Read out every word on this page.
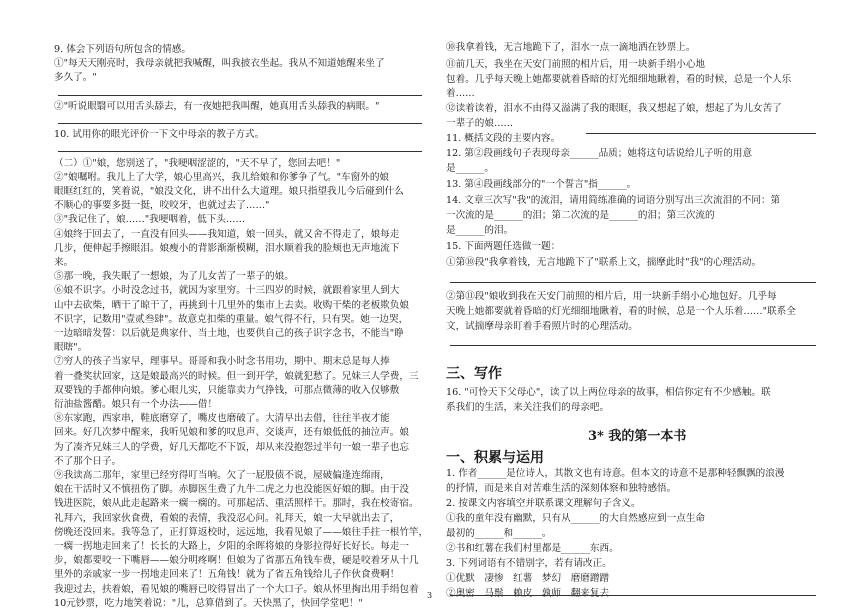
9. 体会下列语句所包含的情感。
①"每天天刚亮时，我母亲就把我喊醒，叫我披衣坐起。我从不知道她醒来坐了
多久了。"
②"听说眼翳可以用舌头舔去，有一夜她把我叫醒，她真用舌头舔我的病眼。"
10. 试用你的眼光评价一下文中母亲的教子方式。
（二）①"娘，您别送了，"我哽咽涩涩的，"天不早了，您回去吧！"
②"娘嘱咐。我儿上了大学，娘心里高兴，我儿给娘和你爹争了气。"车窗外的娘
眼眶红红的，笑着说，"娘没文化，讲不出什么大道理。娘只指望我儿今后碰到什么
不顺心的事要多挺一挺，咬咬牙，也就过去了……"
③"我记住了，娘……"我哽咽着，低下头……
④娘终于回去了，一直没有回头——我知道，娘一回头，就又舍不得走了，娘每走
几步，便伸起手擦眼泪。娘瘦小的背影渐渐模糊，泪水顺着我的脸颊也无声地流下
来。
⑤那一晚，我失眠了一想娘，为了儿女苦了一辈子的娘。
⑥娘不识字。小时没念过书，就因为家里穷。十三四岁的时候，就跟着家里人到大
山中去砍柴，晒干了晾干了，再挑到十几里外的集市上去卖。收购干柴的老板欺负娘
不识字，记数用"壹贰叁肆"。故意克扣柴的重量。娘气得不行，只有哭。她一边哭，
一边暗暗发誓：以后就是典家什、当土地，也要供自己的孩子识字念书，不能当"睁
眼瞎"。
⑦穷人的孩子当家早，理事早。哥哥和我小时念书用功，期中、期末总是每人捧
着一叠奖状回家，这是娘最高兴的时候。但一到开学，娘就犯愁了。兄妹三人学费，三
双要钱的手都伸向娘。爹心眼儿实，只能靠卖力气挣钱，可那点微薄的收入仅够敷
衍油盐酱醋。娘只有一个办法——借！
⑧东家跑，西家串，鞋底磨穿了，嘴皮也磨破了。大清早出去借，往往半夜才能
回来。好几次梦中醒来，我听见娘和爹的叹息声、交谈声，还有娘低低的抽泣声。娘
为了凑齐兄妹三人的学费，好几天都吃不下饭，却从来没抱怨过半句一娘一辈子也忘
不了那个日子。
⑨我读高二那年，家里已经穷得叮当响。欠了一屁股债不说，屋破偏逢连绵雨，
娘在干活时又不慎扭伤了脚。赤脚医生费了九牛二虎之力也没能医好娘的脚。由于没
钱进医院，娘从此走起路来一瘸一瘸的。可那起活、重活照样干。那时，我在校寄宿。
礼拜六，我回家伙食费，看娘的表情，我没忍心问。礼拜天，娘一大早就出去了，
傍晚还没回来。我等急了，正打算返校时，远远地，我看见娘了——娘往手拄一根竹竿，
一瘸一拐地走回来了！长长的大路上，夕阳的余晖将娘的身影拉得好长好长。每走一
步，娘都要咬一下嘴唇——娘分明疼啊！但娘为了省那五角钱车费，硬是咬着牙从十几
里外的亲戚家一步一拐地走回来了！五角钱！就为了省五角钱给儿子作伙食费啊！
我迎过去，扶着娘，看见娘的嘴唇已咬得冒出了一个大口子。娘从怀里掏出用手绢包着
10元钞票，吃力地笑着说："儿，总算借到了。天快黑了，快回学堂吧！"
⑩我拿着钱，无言地跪下了，泪水一点一滴地洒在钞票上。
⑪前几天，我坐在天安门前照的相片后，用一块新手绢小心地
包着。几乎每天晚上她都要就着昏暗的灯光细细地瞅着，看的时候，总是一个人乐
着……
⑫读着读着，泪水不由得又溢满了我的眼眶，我又想起了娘，想起了为儿女苦了
一辈子的娘……
11. 概括文段的主要内容。
12. 第②段画线句子表现母亲______品质；她将这句话说给儿子听的用意
是______。
13. 第④段画线部分的"一个誓言"指______。
14. 文章三次写"我"的流泪，请用简练准确的词语分别写出三次流泪的不同：第
一次流的是______的泪；第二次流的是______的泪；第三次流的
是______的泪。
15. 下面两题任选做一题：
①第⑩段"我拿着钱，无言地跪下了"联系上文，揣摩此时"我"的心理活动。
②第⑪段"娘收到我在天安门前照的相片后，用一块新手绢小心地包好。几乎每
天晚上她都要就着昏暗的灯光细细地瞅着，看的时候，总是一个人乐着……"联系全
文，试揣摩母亲盯着手看照片时的心理活动。
三、写作
16. "可怜天下父母心"，读了以上两位母亲的故事，相信你定有不少感触。联
系我们的生活，来关注我们的母亲吧。
3* 我的第一本书
一、积累与运用
1. 作者______是位诗人，其散文也有诗意。但本文的诗意不是那种轻飘飘的浪漫
的抒情，而是来自对苦难生活的深刻体察和独特感悟。
2. 按课文内容填空并联系课文理解句子含义。
①我的童年没有幽默，只有从______的大自然感应到一点生命
最初的______和______。
②书和红薯在我们村里都是______东西。
3. 下列词语有不错别字，若有请改正。
①优默　凄惨　红薯　梦幻　磨磨蹭蹭
②奥密　马鬃　赖皮　孰师　翻来复去
3
